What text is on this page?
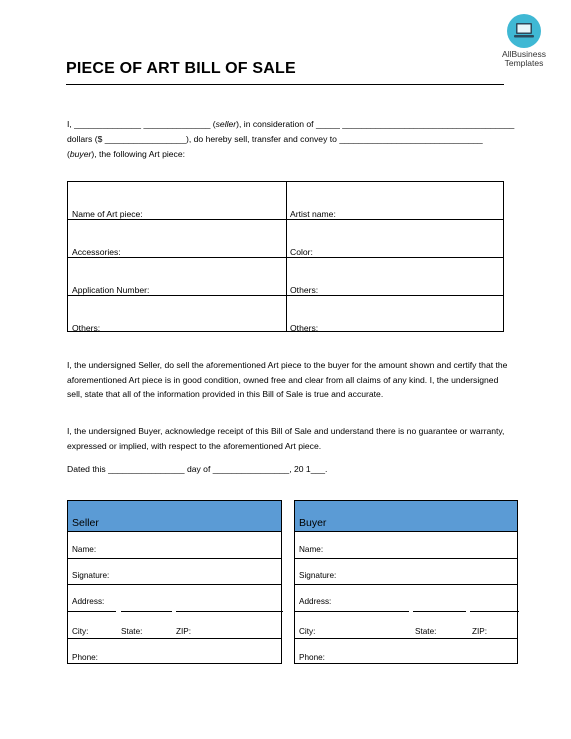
AllBusiness
Templates
PIECE OF ART BILL OF SALE
I, ______________ ______________ (seller), in consideration of _____ ____________________________________
dollars ($ _________________), do hereby sell, transfer and convey to ______________________________
(buyer), the following Art piece:
Name of Art piece:	Artist name:
Accessories:	Color:
Application Number:	Others:
Others:	Others:
I, the undersigned Seller, do sell the aforementioned Art piece to the buyer for the amount shown and certify that the aforementioned Art piece is in good condition, owned free and clear from all claims of any kind. I, the undersigned sell, state that all of the information provided in this Bill of Sale is true and accurate.
I, the undersigned Buyer, acknowledge receipt of this Bill of Sale and understand there is no guarantee or warranty, expressed or implied, with respect to the aforementioned Art piece.
Dated this ________________ day of ________________, 20 1___.
Seller
Name:
Signature:
Address:
City:	State:	ZIP:
Phone:
Buyer
Name:
Signature:
Address:
City:	State:	ZIP:
Phone:
